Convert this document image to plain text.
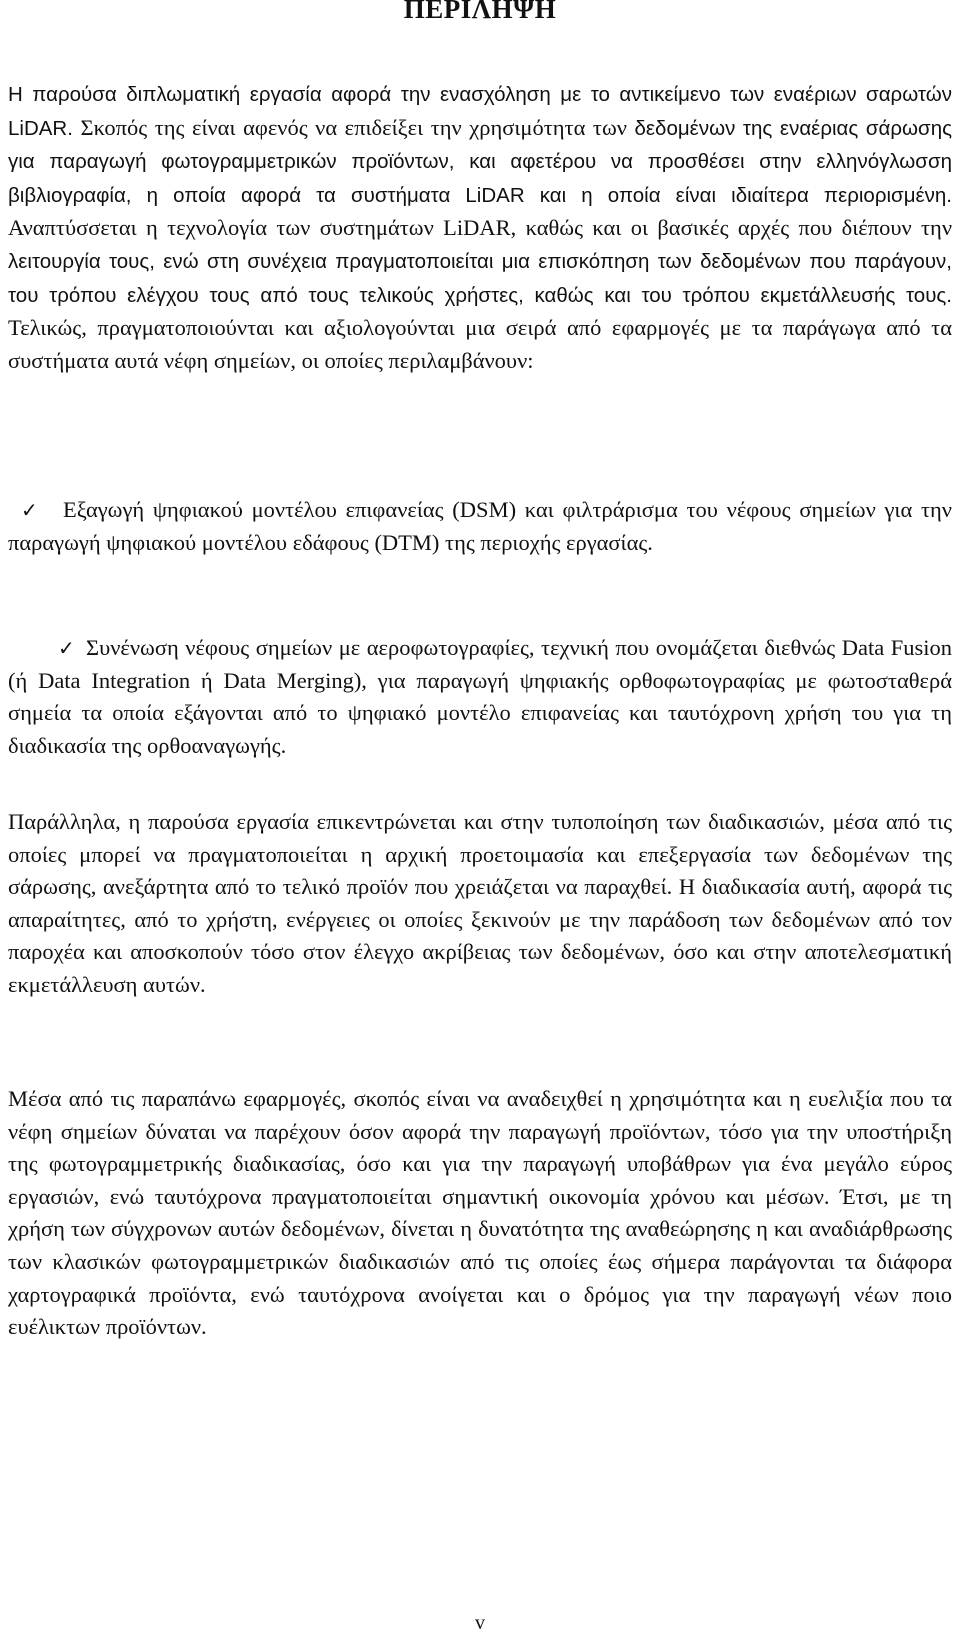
ΠΕΡΙΛΗΨΗ

Η παρούσα διπλωματική εργασία αφορά την ενασχόληση με το αντικείμενο των εναέριων σαρωτών LiDAR. Σκοπός της είναι αφενός να επιδείξει την χρησιμότητα των δεδομένων της εναέριας σάρωσης για παραγωγή φωτογραμμετρικών προϊόντων, και αφετέρου να προσθέσει στην ελληνόγλωσση βιβλιογραφία, η οποία αφορά τα συστήματα LiDAR και η οποία είναι ιδιαίτερα περιορισμένη. Αναπτύσσεται η τεχνολογία των συστημάτων LiDAR, καθώς και οι βασικές αρχές που διέπουν την λειτουργία τους, ενώ στη συνέχεια πραγματοποιείται μια επισκόπηση των δεδομένων που παράγουν, του τρόπου ελέγχου τους από τους τελικούς χρήστες, καθώς και του τρόπου εκμετάλλευσής τους. Τελικώς, πραγματοποιούνται και αξιολογούνται μια σειρά από εφαρμογές με τα παράγωγα από τα συστήματα αυτά νέφη σημείων, οι οποίες περιλαμβάνουν:

✓ Εξαγωγή ψηφιακού μοντέλου επιφανείας (DSM) και φιλτράρισμα του νέφους σημείων για την παραγωγή ψηφιακού μοντέλου εδάφους (DTM) της περιοχής εργασίας.

✓ Συνένωση νέφους σημείων με αεροφωτογραφίες, τεχνική που ονομάζεται διεθνώς Data Fusion (ή Data Integration ή Data Merging), για παραγωγή ψηφιακής ορθοφωτογραφίας με φωτοσταθερά σημεία τα οποία εξάγονται από το ψηφιακό μοντέλο επιφανείας και ταυτόχρονη χρήση του για τη διαδικασία της ορθοαναγωγής.

Παράλληλα, η παρούσα εργασία επικεντρώνεται και στην τυποποίηση των διαδικασιών, μέσα από τις οποίες μπορεί να πραγματοποιείται η αρχική προετοιμασία και επεξεργασία των δεδομένων της σάρωσης, ανεξάρτητα από το τελικό προϊόν που χρειάζεται να παραχθεί. Η διαδικασία αυτή, αφορά τις απαραίτητες, από το χρήστη, ενέργειες οι οποίες ξεκινούν με την παράδοση των δεδομένων από τον παροχέα και αποσκοπούν τόσο στον έλεγχο ακρίβειας των δεδομένων, όσο και στην αποτελεσματική εκμετάλλευση αυτών.

Μέσα από τις παραπάνω εφαρμογές, σκοπός είναι να αναδειχθεί η χρησιμότητα και η ευελιξία που τα νέφη σημείων δύναται να παρέχουν όσον αφορά την παραγωγή προϊόντων, τόσο για την υποστήριξη της φωτογραμμετρικής διαδικασίας, όσο και για την παραγωγή υποβάθρων για ένα μεγάλο εύρος εργασιών, ενώ ταυτόχρονα πραγματοποιείται σημαντική οικονομία χρόνου και μέσων. Έτσι, με τη χρήση των σύγχρονων αυτών δεδομένων, δίνεται η δυνατότητα της αναθεώρησης η και αναδιάρθρωσης των κλασικών φωτογραμμετρικών διαδικασιών από τις οποίες έως σήμερα παράγονται τα διάφορα χαρτογραφικά προϊόντα, ενώ ταυτόχρονα ανοίγεται και ο δρόμος για την παραγωγή νέων ποιο ευέλικτων προϊόντων.

v
